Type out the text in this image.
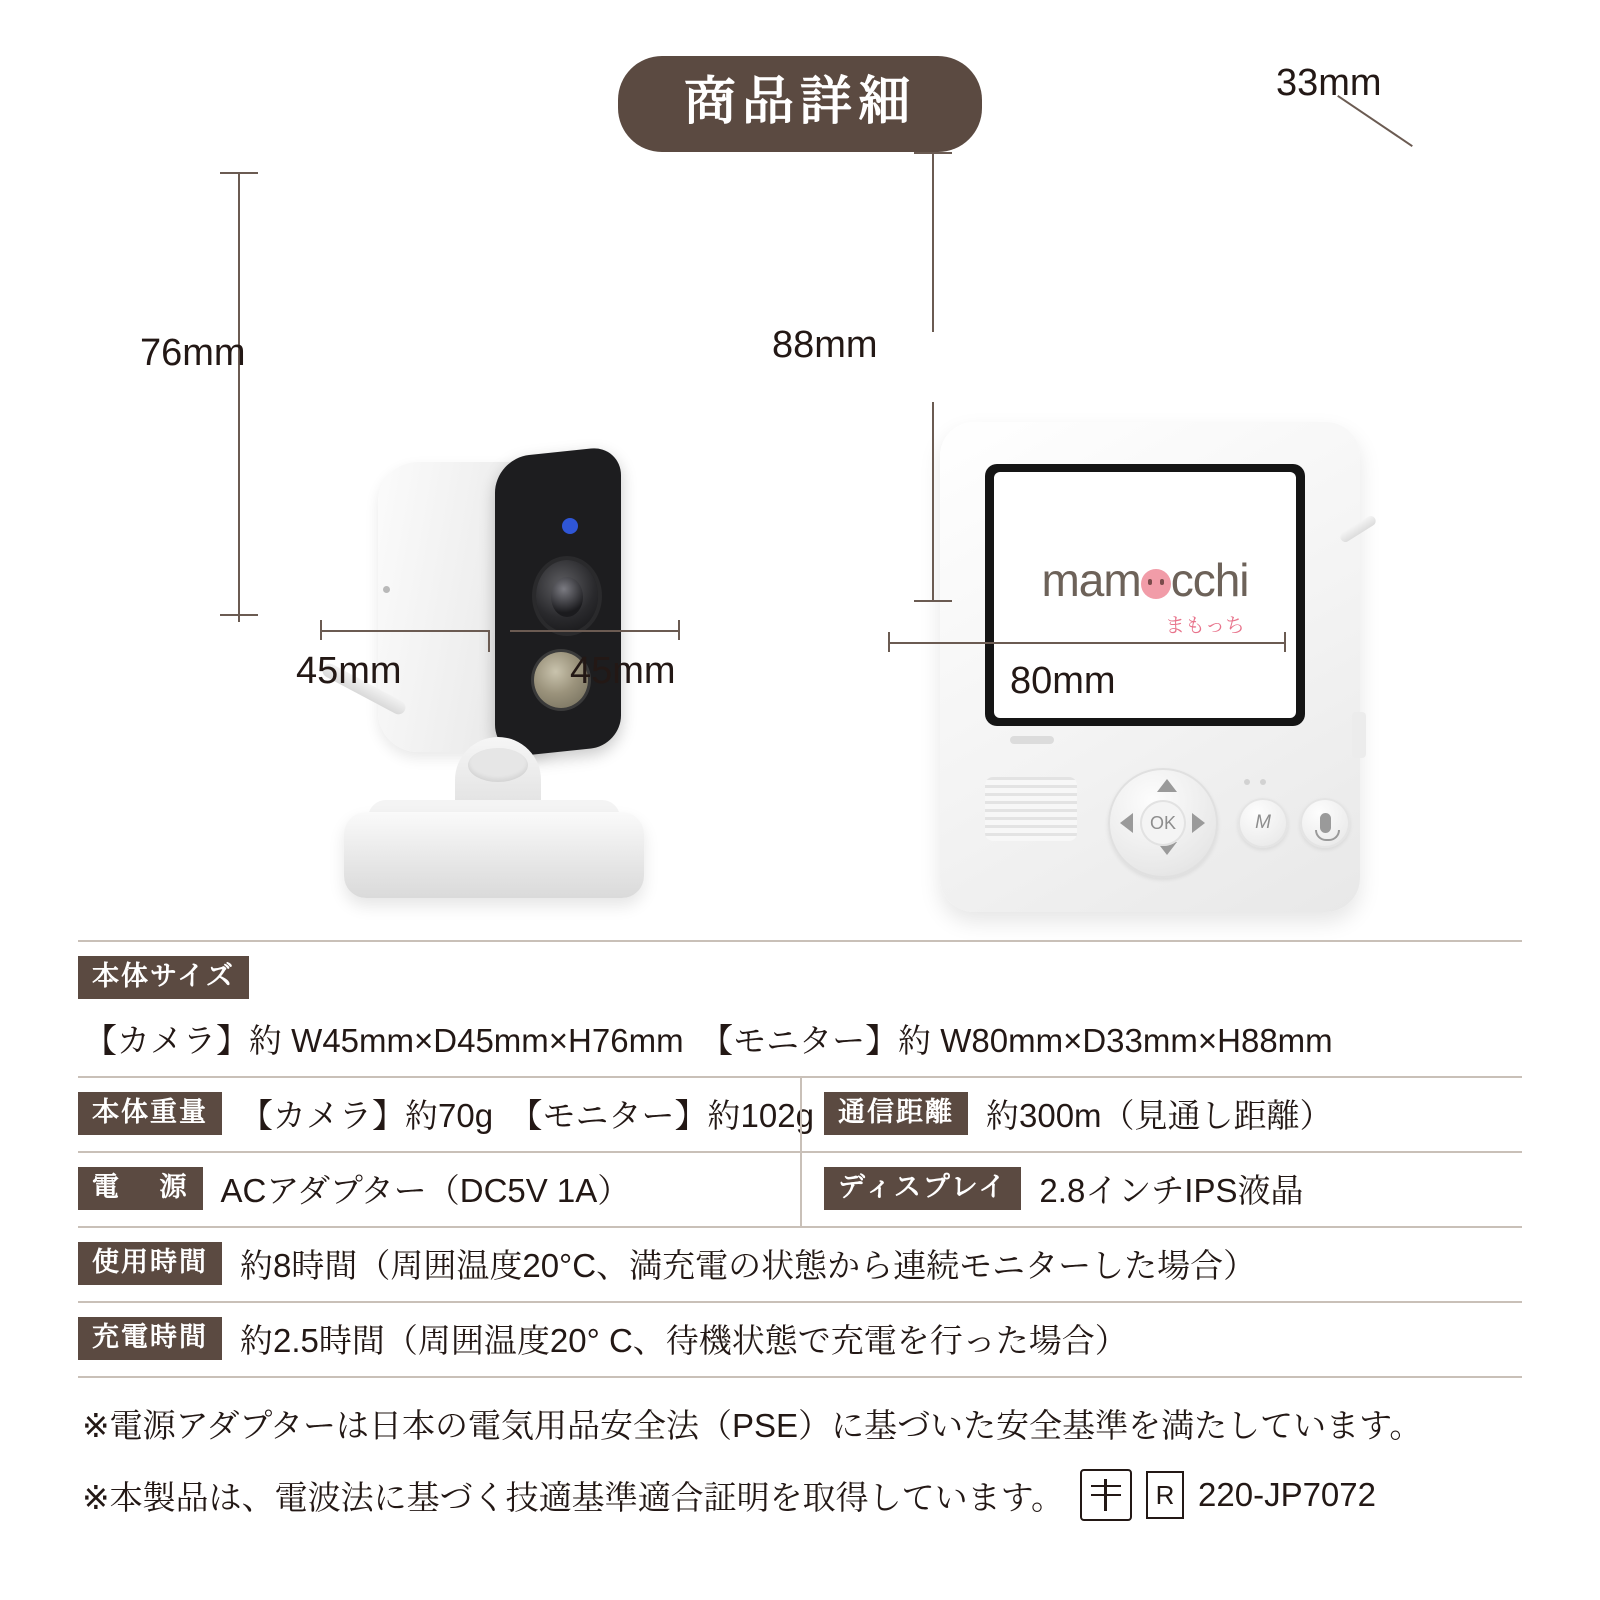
商品詳細
76mm
45mm	45mm
mam cchi
まもっち
OK	M
88mm
80mm
33mm
本体サイズ
【カメラ】約 W45mm×D45mm×H76mm　【モニター】約 W80mm×D33mm×H88mm
本体重量 【カメラ】約70g　【モニター】約102g 通信距離 約300m（見通し距離）
電　 源 ACアダプター（DC5V 1A）	ディスプレイ 2.8インチIPS液晶
使用時間 約8時間（周囲温度20°C、満充電の状態から連続モニターした場合）
充電時間 約2.5時間（周囲温度20° C、待機状態で充電を行った場合）
※電源アダプターは日本の電気用品安全法（PSE）に基づいた安全基準を満たしています。
※本製品は、電波法に基づく技適基準適合証明を取得しています。	R 220-JP7072
